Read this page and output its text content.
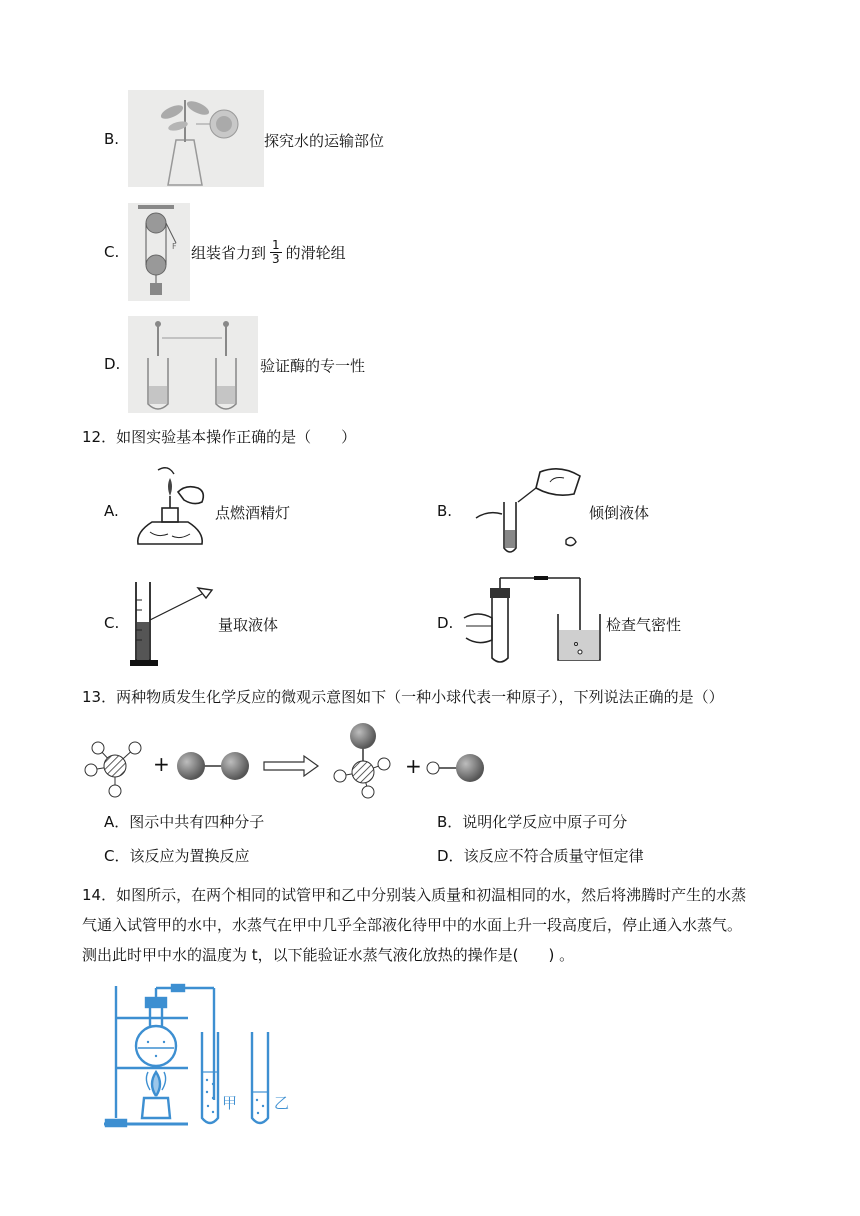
B.	探究水的运输部位
C.	F 组装省力到 $\frac{1}{3}$ 的滑轮组
D.	验证酶的专一性
12．如图实验基本操作正确的是（　　）
A.	点燃酒精灯	B.	倾倒液体
C.	量取液体	D.	检查气密性
13．两种物质发生化学反应的微观示意图如下（一种小球代表一种原子），下列说法正确的是（）
+	+
A．图示中共有四种分子	B．说明化学反应中原子可分
C．该反应为置换反应	D．该反应不符合质量守恒定律
14．如图所示，在两个相同的试管甲和乙中分别装入质量和初温相同的水，然后将沸腾时产生的水蒸
气通入试管甲的水中，水蒸气在甲中几乎全部液化待甲中的水面上升一段高度后，停止通入水蒸气。
测出此时甲中水的温度为 t，以下能验证水蒸气液化放热的操作是(　　) 。
甲 乙
